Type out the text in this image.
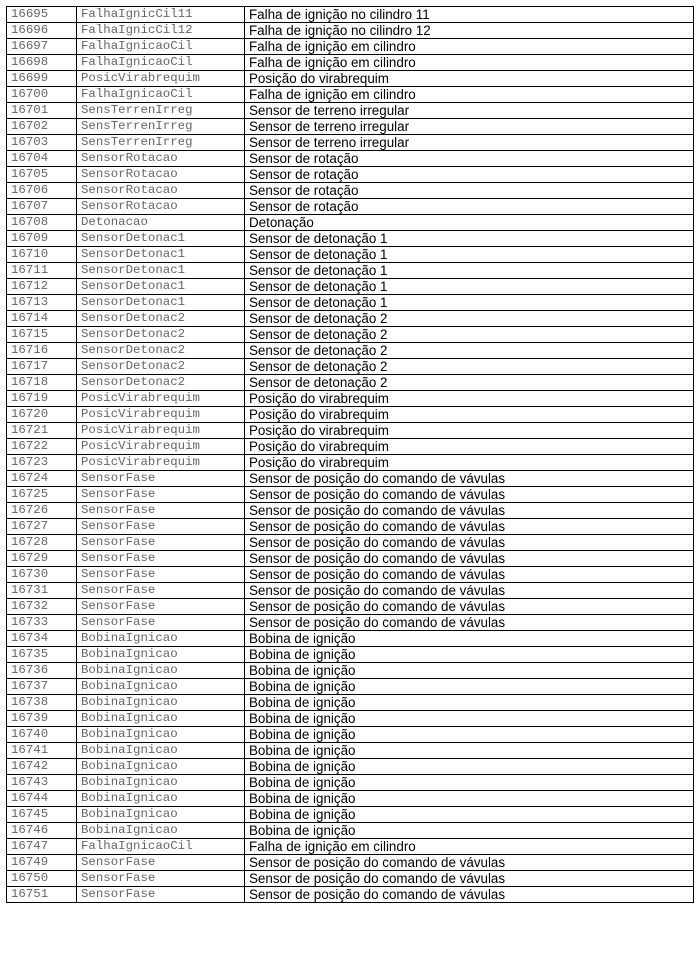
16695	FalhaIgnicCil11	Falha de ignição no cilindro 11
16696	FalhaIgnicCil12	Falha de ignição no cilindro 12
16697	FalhaIgnicaoCil	Falha de ignição em cilindro
16698	FalhaIgnicaoCil	Falha de ignição em cilindro
16699	PosicVirabrequim	Posição do virabrequim
16700	FalhaIgnicaoCil	Falha de ignição em cilindro
16701	SensTerrenIrreg	Sensor de terreno irregular
16702	SensTerrenIrreg	Sensor de terreno irregular
16703	SensTerrenIrreg	Sensor de terreno irregular
16704	SensorRotacao	Sensor de rotação
16705	SensorRotacao	Sensor de rotação
16706	SensorRotacao	Sensor de rotação
16707	SensorRotacao	Sensor de rotação
16708	Detonacao	Detonação
16709	SensorDetonac1	Sensor de detonação 1
16710	SensorDetonac1	Sensor de detonação 1
16711	SensorDetonac1	Sensor de detonação 1
16712	SensorDetonac1	Sensor de detonação 1
16713	SensorDetonac1	Sensor de detonação 1
16714	SensorDetonac2	Sensor de detonação 2
16715	SensorDetonac2	Sensor de detonação 2
16716	SensorDetonac2	Sensor de detonação 2
16717	SensorDetonac2	Sensor de detonação 2
16718	SensorDetonac2	Sensor de detonação 2
16719	PosicVirabrequim	Posição do virabrequim
16720	PosicVirabrequim	Posição do virabrequim
16721	PosicVirabrequim	Posição do virabrequim
16722	PosicVirabrequim	Posição do virabrequim
16723	PosicVirabrequim	Posição do virabrequim
16724	SensorFase	Sensor de posição do comando de vávulas
16725	SensorFase	Sensor de posição do comando de vávulas
16726	SensorFase	Sensor de posição do comando de vávulas
16727	SensorFase	Sensor de posição do comando de vávulas
16728	SensorFase	Sensor de posição do comando de vávulas
16729	SensorFase	Sensor de posição do comando de vávulas
16730	SensorFase	Sensor de posição do comando de vávulas
16731	SensorFase	Sensor de posição do comando de vávulas
16732	SensorFase	Sensor de posição do comando de vávulas
16733	SensorFase	Sensor de posição do comando de vávulas
16734	BobinaIgnicao	Bobina de ignição
16735	BobinaIgnicao	Bobina de ignição
16736	BobinaIgnicao	Bobina de ignição
16737	BobinaIgnicao	Bobina de ignição
16738	BobinaIgnicao	Bobina de ignição
16739	BobinaIgnicao	Bobina de ignição
16740	BobinaIgnicao	Bobina de ignição
16741	BobinaIgnicao	Bobina de ignição
16742	BobinaIgnicao	Bobina de ignição
16743	BobinaIgnicao	Bobina de ignição
16744	BobinaIgnicao	Bobina de ignição
16745	BobinaIgnicao	Bobina de ignição
16746	BobinaIgnicao	Bobina de ignição
16747	FalhaIgnicaoCil	Falha de ignição em cilindro
16749	SensorFase	Sensor de posição do comando de vávulas
16750	SensorFase	Sensor de posição do comando de vávulas
16751	SensorFase	Sensor de posição do comando de vávulas
